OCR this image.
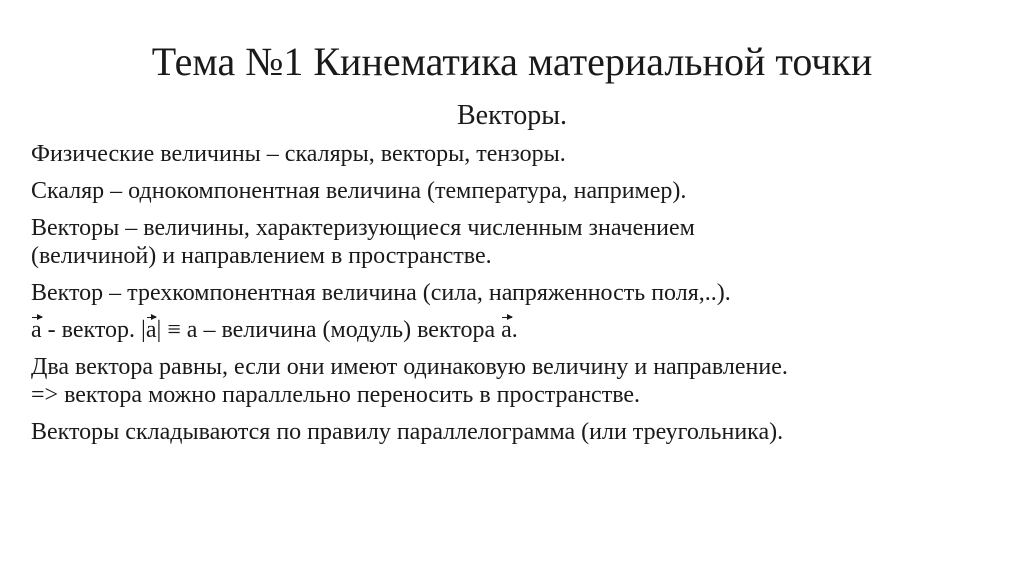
Тема №1 Кинематика материальной точки
Векторы.
Физические величины – скаляры, векторы, тензоры.
Скаляр – однокомпонентная величина (температура, например).
Векторы – величины, характеризующиеся численным значением
(величиной) и направлением в пространстве.
Вектор – трехкомпонентная величина (сила, напряженность поля,..).
a - вектор. |a| ≡ a – величина (модуль) вектора a.
Два вектора равны, если они имеют одинаковую величину и направление.
=> вектора можно параллельно переносить в пространстве.
Векторы складываются по правилу параллелограмма (или треугольника).
